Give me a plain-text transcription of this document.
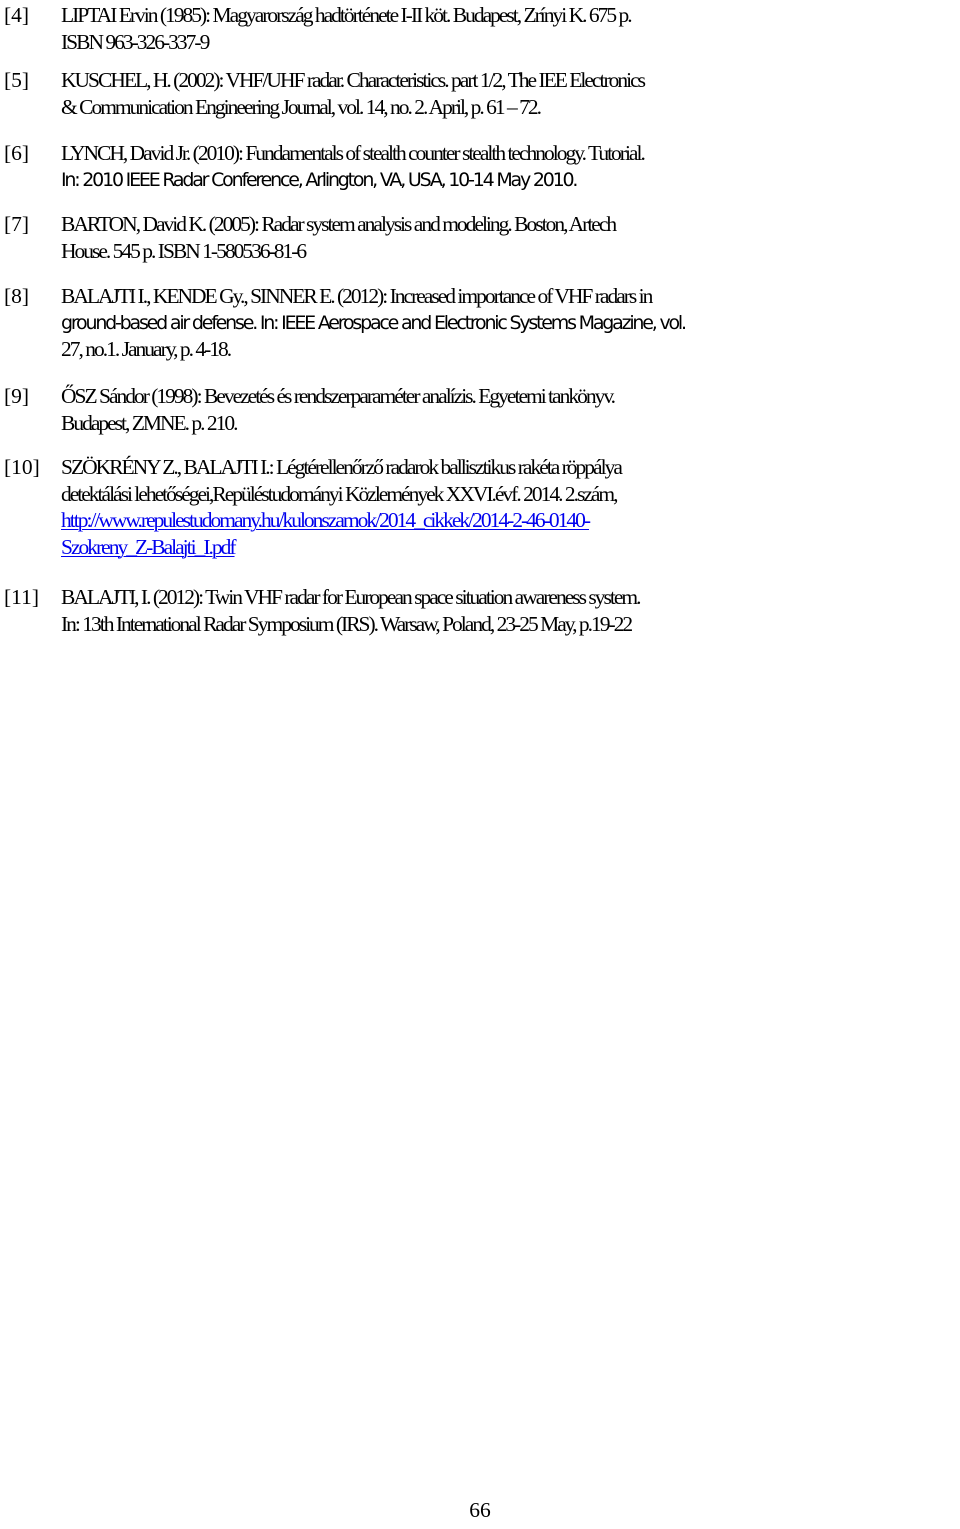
[4] LIPTAI Ervin (1985): Magyarország hadtörténete I-II köt. Budapest, Zrínyi K. 675 p.
ISBN 963-326-337-9
[5] KUSCHEL, H. (2002): VHF/UHF radar. Characteristics. part 1/2, The IEE Electronics
& Communication Engineering Journal, vol. 14, no. 2. April, p. 61 – 72.
[6] LYNCH, David Jr. (2010): Fundamentals of stealth counter stealth technology. Tutorial.
In: 2010 IEEE Radar Conference, Arlington, VA, USA, 10-14 May 2010.
[7] BARTON, David K. (2005): Radar system analysis and modeling. Boston, Artech
House. 545 p. ISBN 1-580536-81-6
[8] BALAJTI I., KENDE Gy., SINNER E. (2012): Increased importance of VHF radars in
ground-based air defense. In: IEEE Aerospace and Electronic Systems Magazine, vol.
27, no.1. January, p. 4-18.
[9] ŐSZ Sándor (1998): Bevezetés és rendszerparaméter analízis. Egyetemi tankönyv.
Budapest, ZMNE. p. 210.
[10] SZÖKRÉNY Z., BALAJTI I.: Légtérellenőrző radarok ballisztikus rakéta röppálya
detektálási lehetőségei,Repüléstudományi Közlemények XXVI.évf. 2014. 2.szám,
http://www.repulestudomany.hu/kulonszamok/2014_cikkek/2014-2-46-0140-
Szokreny_Z-Balajti_I.pdf
[11] BALAJTI, I. (2012): Twin VHF radar for European space situation awareness system.
In: 13th International Radar Symposium (IRS). Warsaw, Poland, 23-25 May, p.19-22
66
